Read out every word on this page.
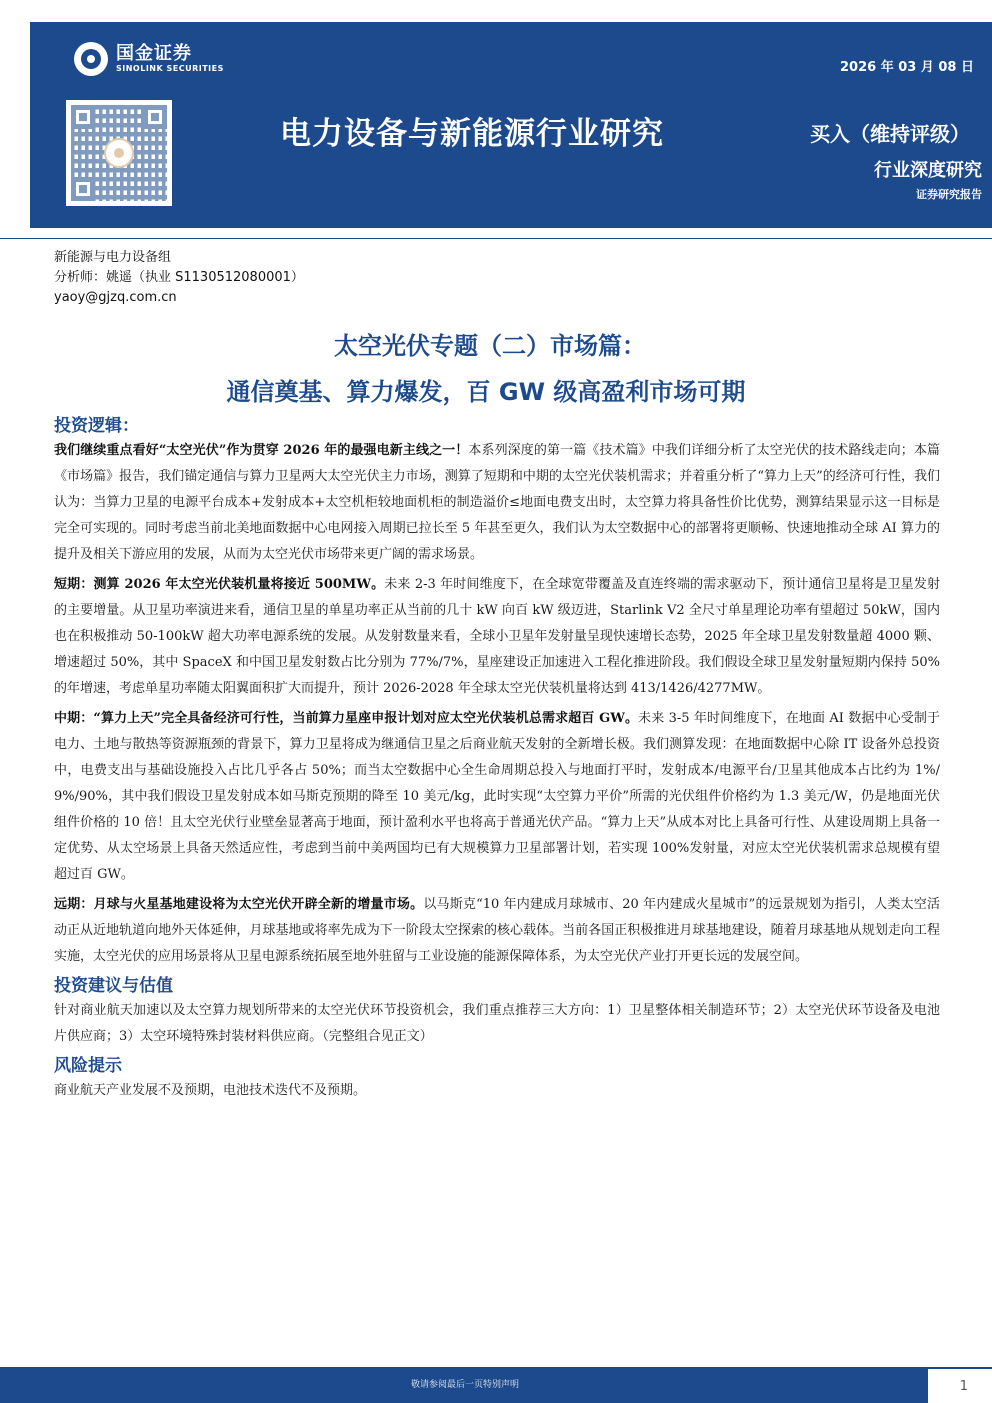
国金证券
SINOLINK SECURITIES	2026 年 03 月 08 日
电力设备与新能源行业研究	买入（维持评级）
行业深度研究
证券研究报告
新能源与电力设备组
分析师：姚遥（执业 S1130512080001）
yaoy@gjzq.com.cn
太空光伏专题（二）市场篇：
通信奠基、算力爆发，百 GW 级高盈利市场可期
投资逻辑：

我们继续重点看好“太空光伏”作为贯穿 2026 年的最强电新主线之一！本系列深度的第一篇《技术篇》中我们详细分析了太空光伏的技术路线走向；本篇《市场篇》报告，我们锚定通信与算力卫星两大太空光伏主力市场，测算了短期和中期的太空光伏装机需求；并着重分析了“算力上天”的经济可行性，我们认为：当算力卫星的电源平台成本+发射成本+太空机柜较地面机柜的制造溢价≤地面电费支出时，太空算力将具备性价比优势，测算结果显示这一目标是完全可实现的。同时考虑当前北美地面数据中心电网接入周期已拉长至 5 年甚至更久，我们认为太空数据中心的部署将更顺畅、快速地推动全球 AI 算力的提升及相关下游应用的发展，从而为太空光伏市场带来更广阔的需求场景。

短期：测算 2026 年太空光伏装机量将接近 500MW。未来 2-3 年时间维度下，在全球宽带覆盖及直连终端的需求驱动下，预计通信卫星将是卫星发射的主要增量。从卫星功率演进来看，通信卫星的单星功率正从当前的几十 kW 向百 kW 级迈进，Starlink V2 全尺寸单星理论功率有望超过 50kW，国内也在积极推动 50-100kW 超大功率电源系统的发展。从发射数量来看，全球小卫星年发射量呈现快速增长态势，2025 年全球卫星发射数量超 4000 颗、增速超过 50%，其中 SpaceX 和中国卫星发射数占比分别为 77%/7%，星座建设正加速进入工程化推进阶段。我们假设全球卫星发射量短期内保持 50%的年增速，考虑单星功率随太阳翼面积扩大而提升，预计 2026-2028 年全球太空光伏装机量将达到 413/1426/4277MW。

中期：“算力上天”完全具备经济可行性，当前算力星座申报计划对应太空光伏装机总需求超百 GW。未来 3-5 年时间维度下，在地面 AI 数据中心受制于电力、土地与散热等资源瓶颈的背景下，算力卫星将成为继通信卫星之后商业航天发射的全新增长极。我们测算发现：在地面数据中心除 IT 设备外总投资中，电费支出与基础设施投入占比几乎各占 50%；而当太空数据中心全生命周期总投入与地面打平时，发射成本/电源平台/卫星其他成本占比约为 1%/9%/90%，其中我们假设卫星发射成本如马斯克预期的降至 10 美元/kg，此时实现“太空算力平价”所需的光伏组件价格约为 1.3 美元/W，仍是地面光伏组件价格的 10 倍！且太空光伏行业壁垒显著高于地面，预计盈利水平也将高于普通光伏产品。“算力上天”从成本对比上具备可行性、从建设周期上具备一定优势、从太空场景上具备天然适应性，考虑到当前中美两国均已有大规模算力卫星部署计划，若实现 100%发射量，对应太空光伏装机需求总规模有望超过百 GW。

远期：月球与火星基地建设将为太空光伏开辟全新的增量市场。以马斯克“10 年内建成月球城市、20 年内建成火星城市”的远景规划为指引，人类太空活动正从近地轨道向地外天体延伸，月球基地或将率先成为下一阶段太空探索的核心载体。当前各国正积极推进月球基地建设，随着月球基地从规划走向工程实施，太空光伏的应用场景将从卫星电源系统拓展至地外驻留与工业设施的能源保障体系，为太空光伏产业打开更长远的发展空间。

投资建议与估值

针对商业航天加速以及太空算力规划所带来的太空光伏环节投资机会，我们重点推荐三大方向：1）卫星整体相关制造环节；2）太空光伏环节设备及电池片供应商；3）太空环境特殊封装材料供应商。（完整组合见正文）

风险提示

商业航天产业发展不及预期，电池技术迭代不及预期。

敬请参阅最后一页特别声明	1
